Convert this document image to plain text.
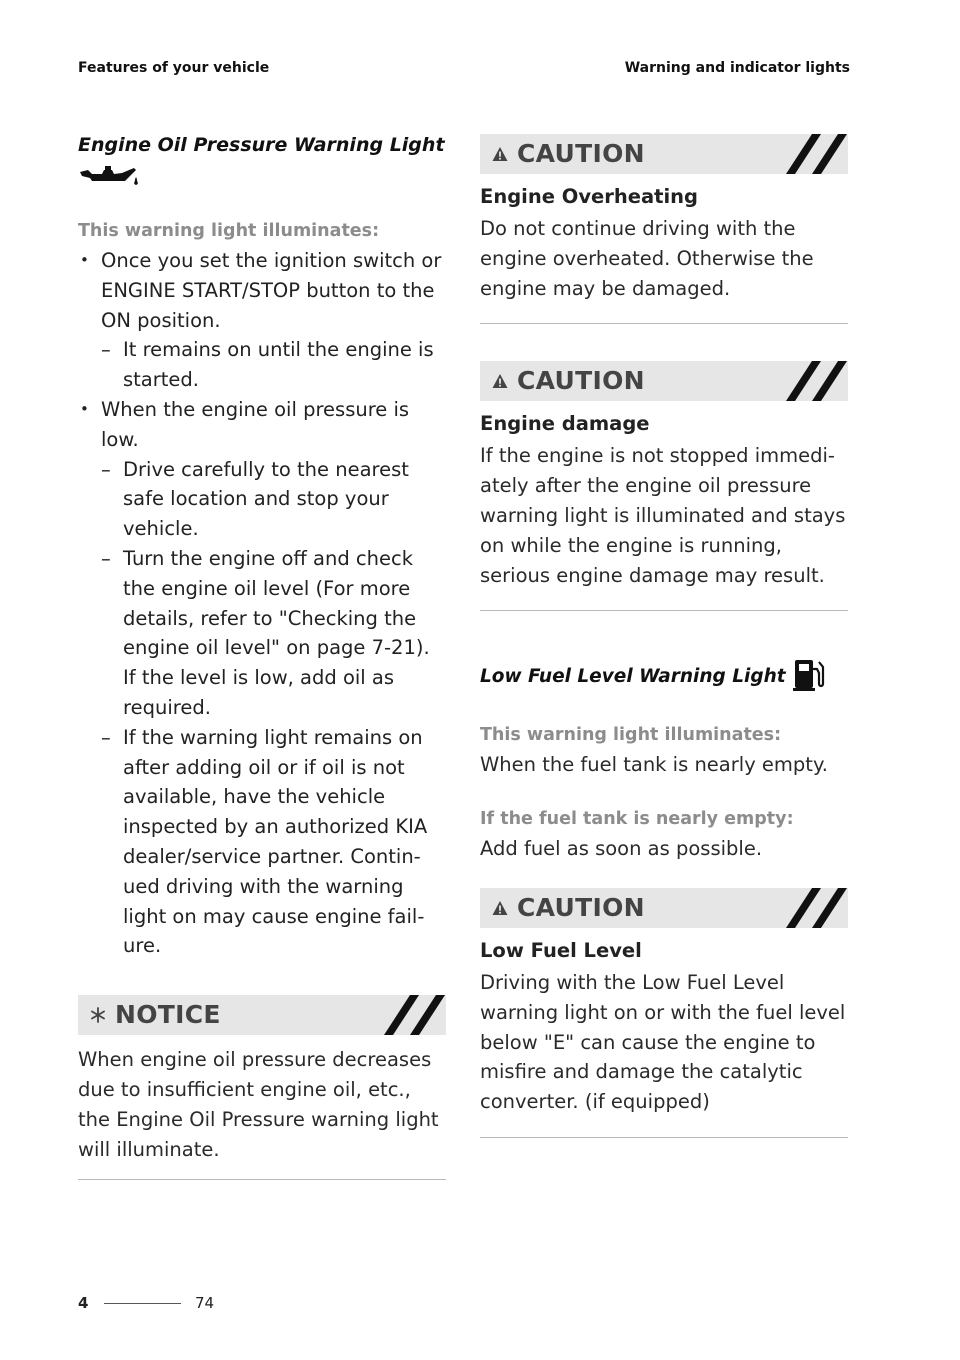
Features of your vehicle	Warning and indicator lights
Engine Oil Pressure Warning Light

This warning light illuminates:

• Once you set the ignition switch or ENGINE START/STOP button to the ON position.
– It remains on until the engine is started.
• When the engine oil pressure is low.
– Drive carefully to the nearest safe location and stop your vehicle.
– Turn the engine off and check the engine oil level (For more details, refer to "Checking the engine oil level" on page 7-21). If the level is low, add oil as required.
– If the warning light remains on after adding oil or if oil is not available, have the vehicle inspected by an authorized KIA dealer/service partner. Continued driving with the warning light on may cause engine failure.
NOTICE

When engine oil pressure decreases due to insufficient engine oil, etc., the Engine Oil Pressure warning light will illuminate.

CAUTION

Engine Overheating

Do not continue driving with the engine overheated. Otherwise the engine may be damaged.

CAUTION

Engine damage

If the engine is not stopped immediately after the engine oil pressure warning light is illuminated and stays on while the engine is running, serious engine damage may result.

Low Fuel Level Warning Light

This warning light illuminates:

When the fuel tank is nearly empty.

If the fuel tank is nearly empty:

Add fuel as soon as possible.

CAUTION

Low Fuel Level

Driving with the Low Fuel Level warning light on or with the fuel level below "E" can cause the engine to misfire and damage the catalytic converter. (if equipped)

4	74
